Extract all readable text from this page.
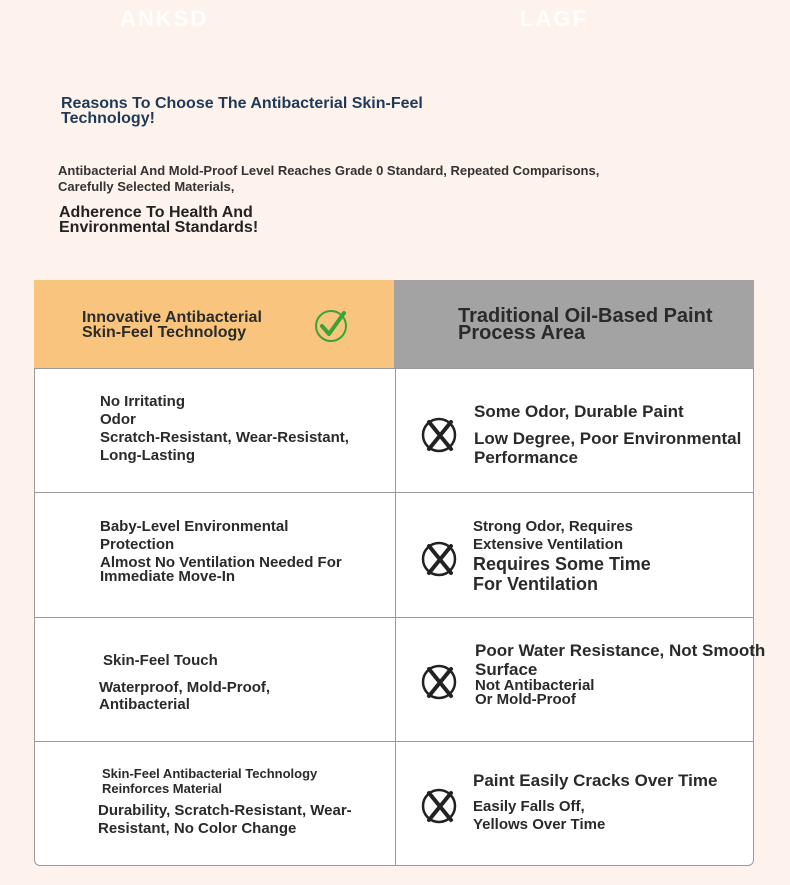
ANKSD	LAGF
Reasons To Choose The Antibacterial Skin-Feel Technology!
Antibacterial And Mold-Proof Level Reaches Grade 0 Standard, Repeated Comparisons, Carefully Selected Materials,
Adherence To Health And Environmental Standards!
Innovative Antibacterial Skin-Feel Technology
Traditional Oil-Based Paint Process Area
No Irritating Odor
Scratch-Resistant, Wear-Resistant, Long-Lasting
Some Odor, Durable Paint
Low Degree, Poor Environmental Performance
Baby-Level Environmental Protection
Almost No Ventilation Needed For Immediate Move-In
Strong Odor, Requires Extensive Ventilation
Requires Some Time For Ventilation
Skin-Feel Touch
Waterproof, Mold-Proof, Antibacterial
Poor Water Resistance, Not Smooth Surface
Not Antibacterial Or Mold-Proof
Skin-Feel Antibacterial Technology Reinforces Material
Durability, Scratch-Resistant, Wear-Resistant, No Color Change
Paint Easily Cracks Over Time
Easily Falls Off, Yellows Over Time
